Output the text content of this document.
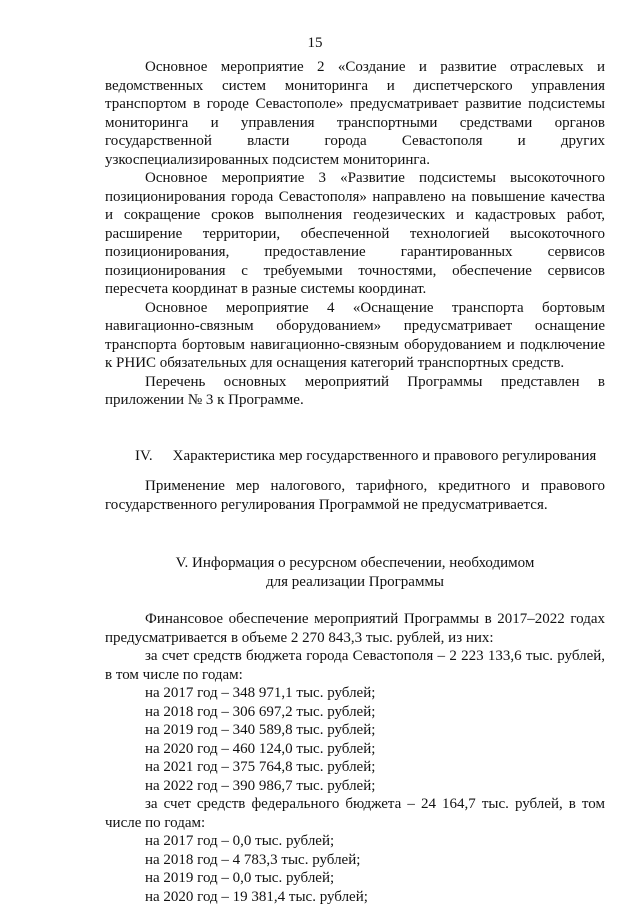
15

Основное мероприятие 2 «Создание и развитие отраслевых и ведомственных систем мониторинга и диспетчерского управления транспортом в городе Севастополе» предусматривает развитие подсистемы мониторинга и управления транспортными средствами органов государственной власти города Севастополя и других узкоспециализированных подсистем мониторинга.

Основное мероприятие 3 «Развитие подсистемы высокоточного позиционирования города Севастополя» направлено на повышение качества и сокращение сроков выполнения геодезических и кадастровых работ, расширение территории, обеспеченной технологией высокоточного позиционирования, предоставление гарантированных сервисов позиционирования с требуемыми точностями, обеспечение сервисов пересчета координат в разные системы координат.

Основное мероприятие 4 «Оснащение транспорта бортовым навигационно-связным оборудованием» предусматривает оснащение транспорта бортовым навигационно-связным оборудованием и подключение к РНИС обязательных для оснащения категорий транспортных средств.

Перечень основных мероприятий Программы представлен в приложении № 3 к Программе.

IV. Характеристика мер государственного и правового регулирования

Применение мер налогового, тарифного, кредитного и правового государственного регулирования Программой не предусматривается.

V. Информация о ресурсном обеспечении, необходимом
для реализации Программы

Финансовое обеспечение мероприятий Программы в 2017–2022 годах предусматривается в объеме 2 270 843,3 тыс. рублей, из них:

за счет средств бюджета города Севастополя – 2 223 133,6 тыс. рублей, в том числе по годам:

на 2017 год – 348 971,1 тыс. рублей;

на 2018 год – 306 697,2 тыс. рублей;

на 2019 год – 340 589,8 тыс. рублей;

на 2020 год – 460 124,0 тыс. рублей;

на 2021 год – 375 764,8 тыс. рублей;

на 2022 год – 390 986,7 тыс. рублей;

за счет средств федерального бюджета – 24 164,7 тыс. рублей, в том числе по годам:

на 2017 год – 0,0 тыс. рублей;

на 2018 год – 4 783,3 тыс. рублей;

на 2019 год – 0,0 тыс. рублей;

на 2020 год – 19 381,4 тыс. рублей;
